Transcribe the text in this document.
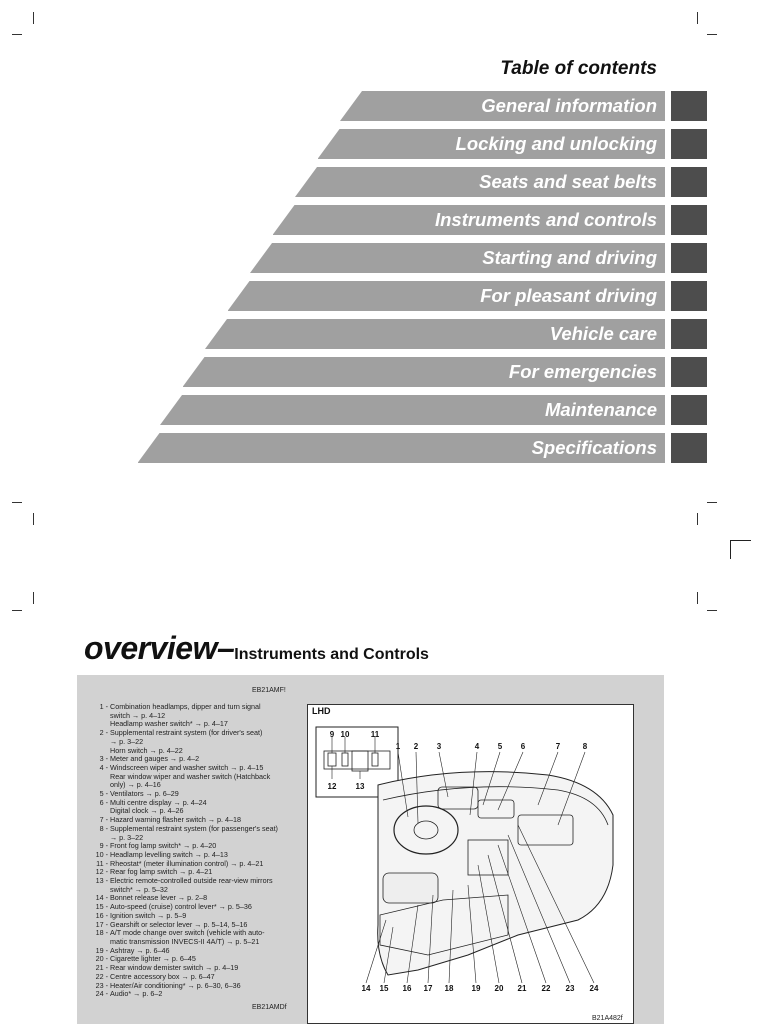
Table of contents
General information
Locking and unlocking
Seats and seat belts
Instruments and controls
Starting and driving
For pleasant driving
Vehicle care
For emergencies
Maintenance
Specifications
overview–Instruments and Controls
EB21AMF!
EB21AMDf
1 - Combination headlamps, dipper and turn signal
switch → p. 4–12
Headlamp washer switch* → p. 4–17
2 - Supplemental restraint system (for driver's seat)
→ p. 3–22
Horn switch → p. 4–22
3 - Meter and gauges → p. 4–2
4 - Windscreen wiper and washer switch → p. 4–15
Rear window wiper and washer switch (Hatchback
only) → p. 4–16
5 - Ventilators → p. 6–29
6 - Multi centre display → p. 4–24
Digital clock → p. 4–26
7 - Hazard warning flasher switch → p. 4–18
8 - Supplemental restraint system (for passenger's seat)
→ p. 3–22
9 - Front fog lamp switch* → p. 4–20
10 - Headlamp levelling switch → p. 4–13
11 - Rheostat* (meter illumination control) → p. 4–21
12 - Rear fog lamp switch → p. 4–21
13 - Electric remote-controlled outside rear-view mirrors
switch* → p. 5–32
14 - Bonnet release lever → p. 2–8
15 - Auto-speed (cruise) control lever* → p. 5–36
16 - Ignition switch → p. 5–9
17 - Gearshift or selector lever → p. 5–14, 5–16
18 - A/T mode change over switch (vehicle with auto-
matic transmission INVECS-II 4A/T) → p. 5–21
19 - Ashtray → p. 6–46
20 - Cigarette lighter → p. 6–45
21 - Rear window demister switch → p. 4–19
22 - Centre accessory box → p. 6–47
23 - Heater/Air conditioning* → p. 6–30, 6–36
24 - Audio* → p. 6–2
1 2 3	4 5 6	7	8
14 15 16 17 18 19 20 21 22 23 24
9 10	11
12 13
LHD
B21A482f
